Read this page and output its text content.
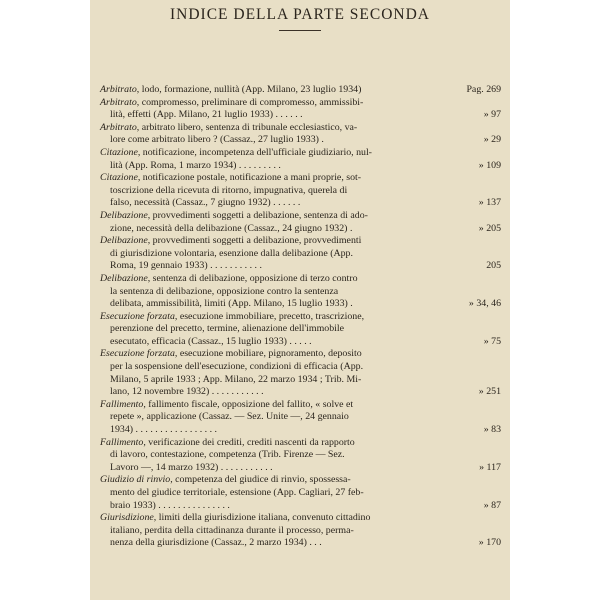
INDICE DELLA PARTE SECONDA
Arbitrato, lodo, formazione, nullità (App. Milano, 23 luglio 1934)	Pag. 269
Arbitrato, compromesso, preliminare di compromesso, ammissibi-
lità, effetti (App. Milano, 21 luglio 1933) . . . . . .	» 97
Arbitrato, arbitrato libero, sentenza di tribunale ecclesiastico, va-
lore come arbitrato libero ? (Cassaz., 27 luglio 1933) .	» 29
Citazione, notificazione, incompetenza dell'ufficiale giudiziario, nul-
lità (App. Roma, 1 marzo 1934) . . . . . . . . .	» 109
Citazione, notificazione postale, notificazione a mani proprie, sot-
toscrizione della ricevuta di ritorno, impugnativa, querela di
falso, necessità (Cassaz., 7 giugno 1932) . . . . . .	» 137
Delibazione, provvedimenti soggetti a delibazione, sentenza di ado-
zione, necessità della delibazione (Cassaz., 24 giugno 1932) .	» 205
Delibazione, provvedimenti soggetti a delibazione, provvedimenti
di giurisdizione volontaria, esenzione dalla delibazione (App.
Roma, 19 gennaio 1933) . . . . . . . . . . .	205
Delibazione, sentenza di delibazione, opposizione di terzo contro
la sentenza di delibazione, opposizione contro la sentenza
delibata, ammissibilità, limiti (App. Milano, 15 luglio 1933) .	» 34, 46
Esecuzione forzata, esecuzione immobiliare, precetto, trascrizione,
perenzione del precetto, termine, alienazione dell'immobile
esecutato, efficacia (Cassaz., 15 luglio 1933) . . . . .	» 75
Esecuzione forzata, esecuzione mobiliare, pignoramento, deposito
per la sospensione dell'esecuzione, condizioni di efficacia (App.
Milano, 5 aprile 1933 ; App. Milano, 22 marzo 1934 ; Trib. Mi-
lano, 12 novembre 1932) . . . . . . . . . . .	» 251
Fallimento, fallimento fiscale, opposizione del fallito, « solve et
repete », applicazione (Cassaz. — Sez. Unite —, 24 gennaio
1934) . . . . . . . . . . . . . . . . .	» 83
Fallimento, verificazione dei crediti, crediti nascenti da rapporto
di lavoro, contestazione, competenza (Trib. Firenze — Sez.
Lavoro —, 14 marzo 1932) . . . . . . . . . . .	» 117
Giudizio di rinvio, competenza del giudice di rinvio, spossessa-
mento del giudice territoriale, estensione (App. Cagliari, 27 feb-
braio 1933) . . . . . . . . . . . . . . .	» 87
Giurisdizione, limiti della giurisdizione italiana, convenuto cittadino
italiano, perdita della cittadinanza durante il processo, perma-
nenza della giurisdizione (Cassaz., 2 marzo 1934) . . .	» 170
